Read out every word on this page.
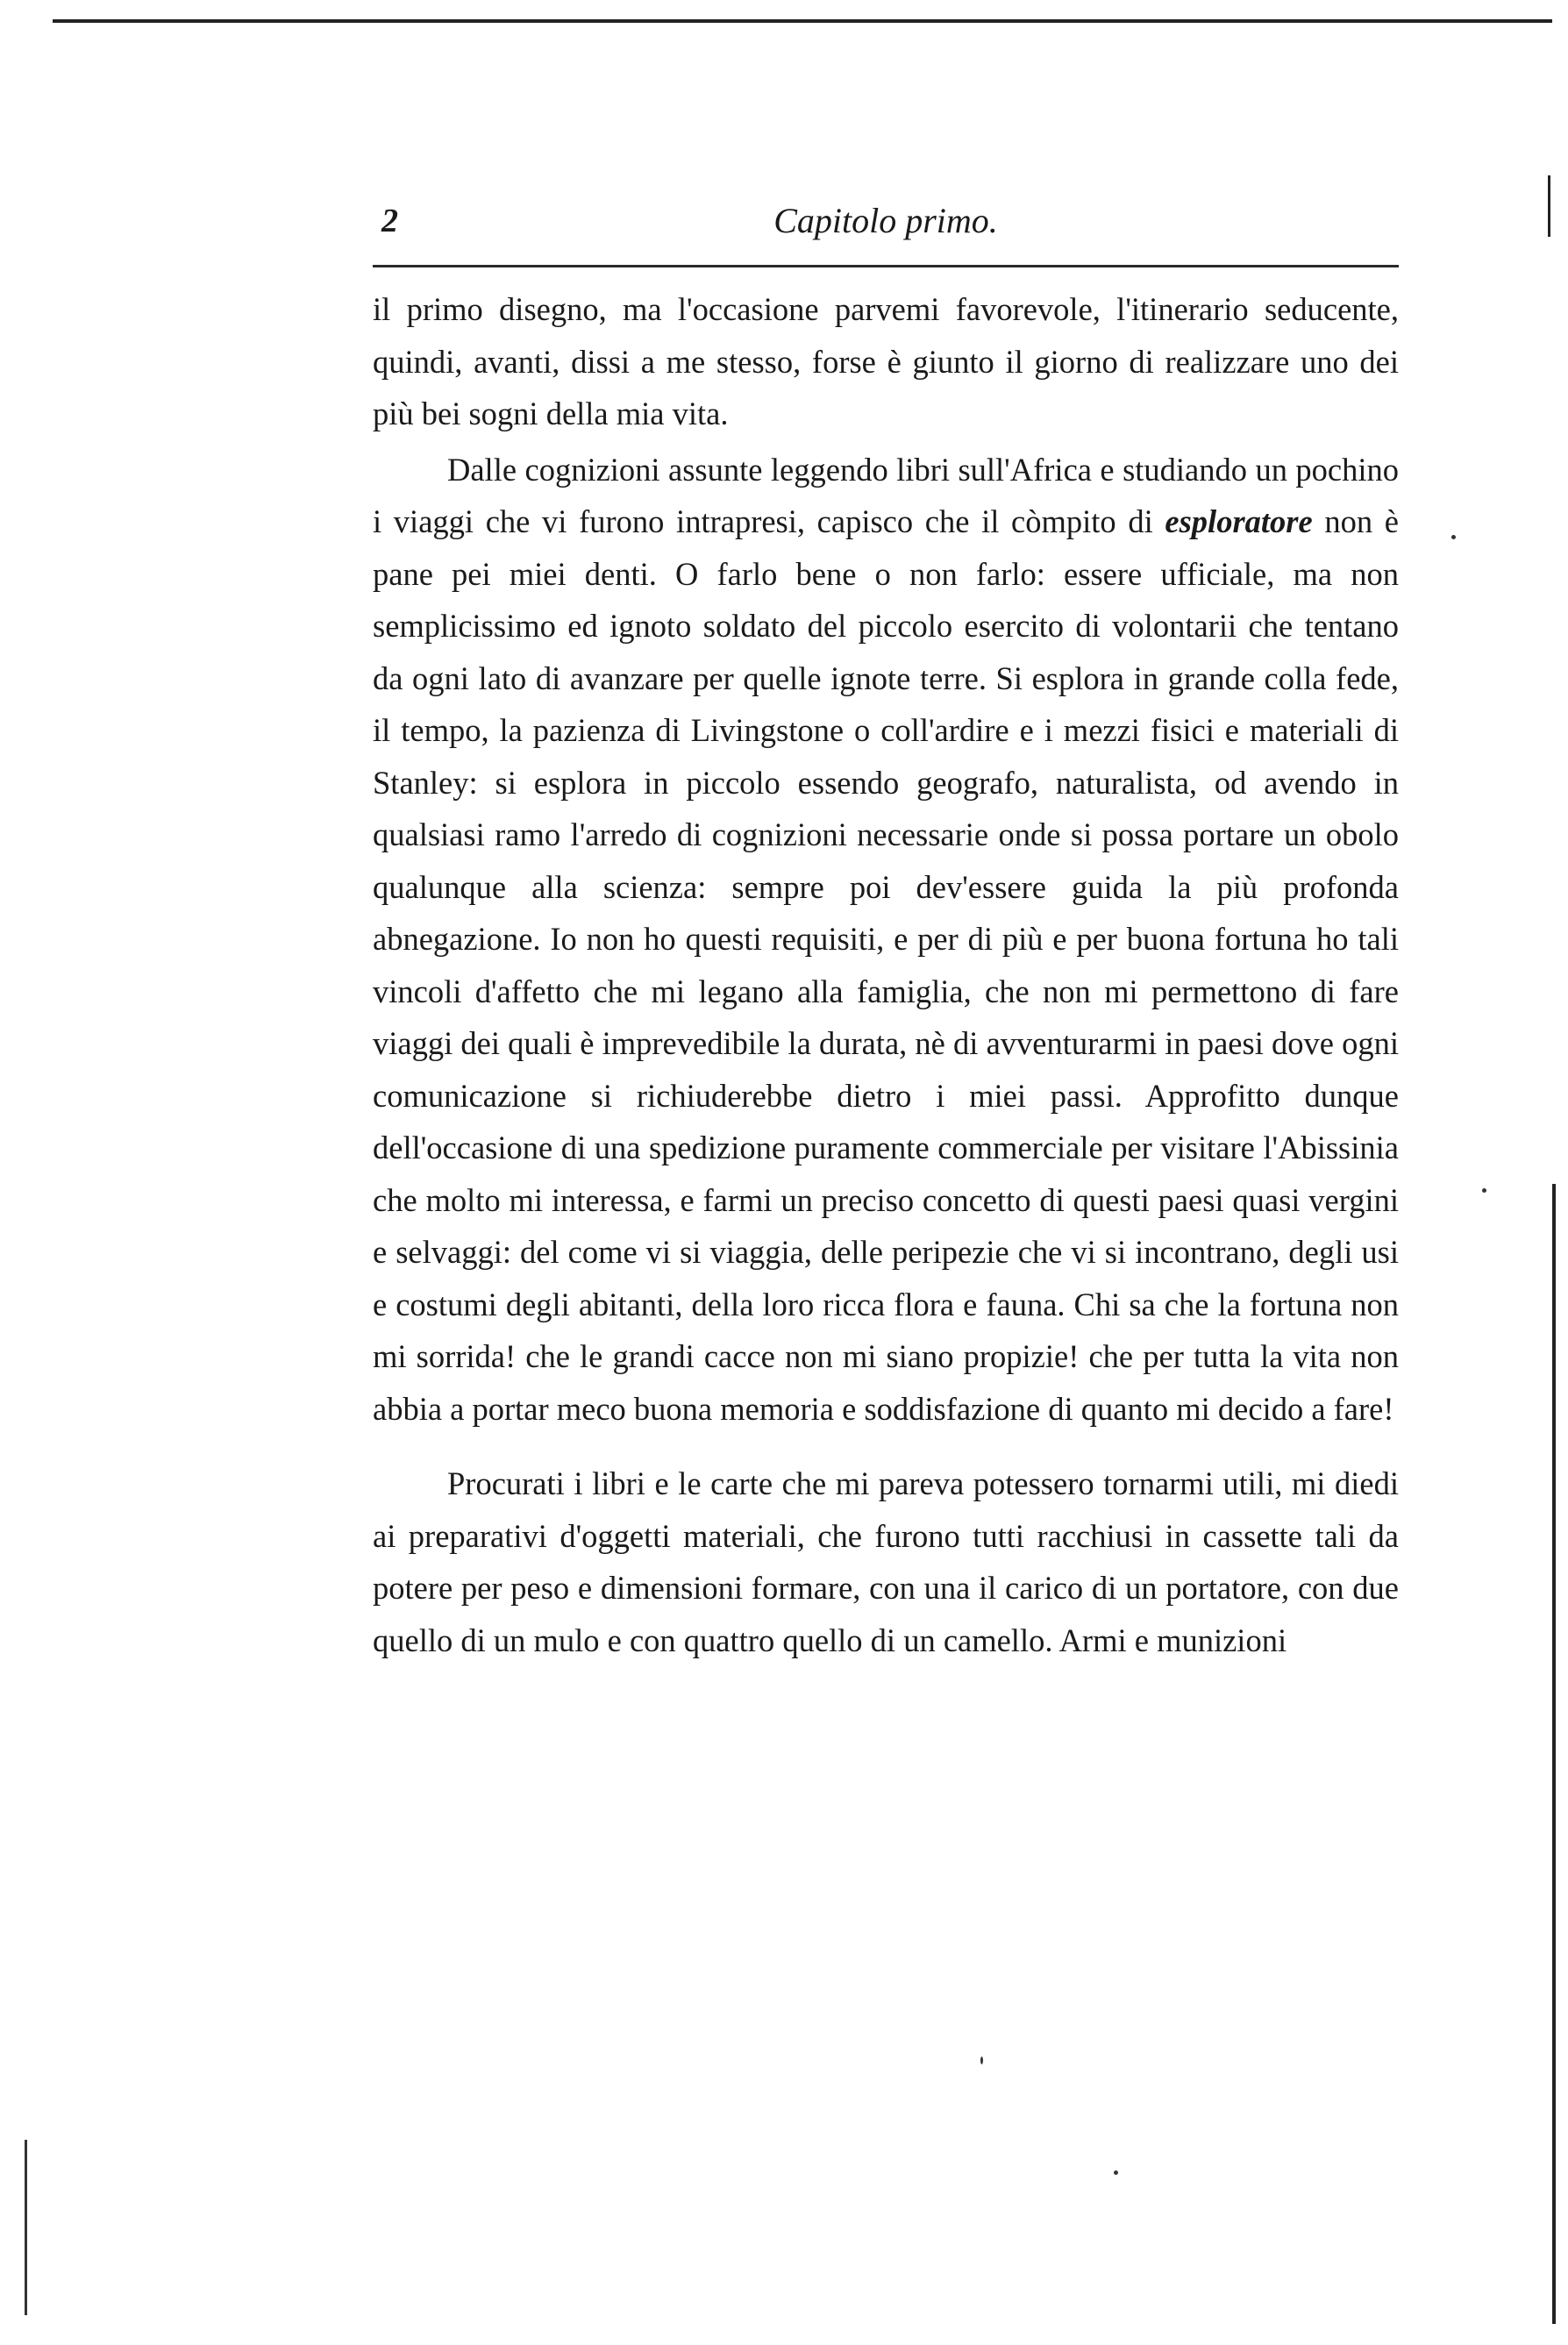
2	Capitolo primo.

il primo disegno, ma l'occasione parvemi favorevole, l'itinerario seducente, quindi, avanti, dissi a me stesso, forse è giunto il giorno di realizzare uno dei più bei sogni della mia vita.

Dalle cognizioni assunte leggendo libri sull'Africa e studiando un pochino i viaggi che vi furono intrapresi, capisco che il còmpito di esploratore non è pane pei miei denti. O farlo bene o non farlo: essere ufficiale, ma non semplicissimo ed ignoto soldato del piccolo esercito di volontarii che tentano da ogni lato di avanzare per quelle ignote terre. Si esplora in grande colla fede, il tempo, la pazienza di Livingstone o coll'ardire e i mezzi fisici e materiali di Stanley: si esplora in piccolo essendo geografo, naturalista, od avendo in qualsiasi ramo l'arredo di cognizioni necessarie onde si possa portare un obolo qualunque alla scienza: sempre poi dev'essere guida la più profonda abnegazione. Io non ho questi requisiti, e per di più e per buona fortuna ho tali vincoli d'affetto che mi legano alla famiglia, che non mi permettono di fare viaggi dei quali è imprevedibile la durata, nè di avventurarmi in paesi dove ogni comunicazione si richiuderebbe dietro i miei passi. Approfitto dunque dell'occasione di una spedizione puramente commerciale per visitare l'Abissinia che molto mi interessa, e farmi un preciso concetto di questi paesi quasi vergini e selvaggi: del come vi si viaggia, delle peripezie che vi si incontrano, degli usi e costumi degli abitanti, della loro ricca flora e fauna. Chi sa che la fortuna non mi sorrida! che le grandi cacce non mi siano propizie! che per tutta la vita non abbia a portar meco buona memoria e soddisfazione di quanto mi decido a fare!

Procurati i libri e le carte che mi pareva potessero tornarmi utili, mi diedi ai preparativi d'oggetti materiali, che furono tutti racchiusi in cassette tali da potere per peso e dimensioni formare, con una il carico di un portatore, con due quello di un mulo e con quattro quello di un camello. Armi e munizioni
